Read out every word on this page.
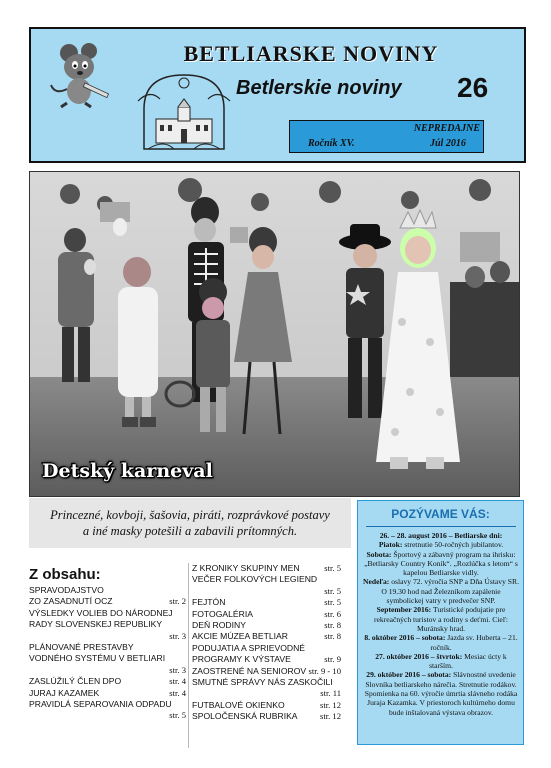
BETLIARSKE NOVINY
Betlerskie noviny 26
NEPREDAJNE
Ročník XV.	Júl 2016
Detský karneval
Princezné, kovboji, šašovia, piráti, rozprávkové postavy
a iné masky potešili a zabavili prítomných.
Z obsahu:
SPRAVODAJSTVO
ZO ZASADNUTÍ OCZ	str. 2
VÝSLEDKY VOLIEB DO NÁRODNEJ
RADY SLOVENSKEJ REPUBLIKY
str. 3
PLÁNOVANÉ PRESTAVBY
VODNÉHO SYSTÉMU V BETLIARI
str. 3
ZASLÚŽILÝ ČLEN DPO	str. 4
JURAJ KAZAMEK	str. 4
PRAVIDLÁ SEPAROVANIA ODPADU
str. 5
Z KRONIKY SKUPINY MEN	str. 5
VEČER FOLKOVÝCH LEGIEND
str. 5
FEJTÓN	str. 5
FOTOGALÉRIA	str. 6
DEŇ RODINY	str. 8
AKCIE MÚZEA BETLIAR	str. 8
PODUJATIA A SPRIEVODNÉ
PROGRAMY K VÝSTAVE	str. 9
ZAOSTRENÉ NA SENIOROV str. 9 - 10
SMUTNÉ SPRÁVY NÁS ZASKOČILI
str. 11
FUTBALOVÉ OKIENKO	str. 12
SPOLOČENSKÁ RUBRIKA	str. 12
POZÝVAME VÁS:
26. – 28. august 2016 – Betliarske dni:
Piatok: stretnutie 50-ročných jubilantov.
Sobota: Športový a zábavný program na ihrisku: „Betliarsky Country Koník“. „Rozlúčka s letom“ s kapelou Betliarske vidly.
Nedeľa: oslavy 72. výročia SNP a Dňa Ústavy SR.
O 19.30 hod nad Železníkom zapálenie symbolickej vatry v predvečer SNP.
September 2016: Turistické podujatie pre rekreačných turistov a rodiny s deťmi. Cieľ: Muránsky hrad.
8. október 2016 – sobota: Jazda sv. Huberta – 21. ročník.
27. október 2016 – štvrtok: Mesiac úcty k starším.
29. október 2016 – sobota: Slávnostné uvedenie Slovníka betliarskeho nárečia. Stretnutie rodákov. Spomienka na 60. výročie úmrtia slávneho rodáka Juraja Kazamka. V priestoroch kultúrneho domu bude inštalovaná výstava obrazov.
